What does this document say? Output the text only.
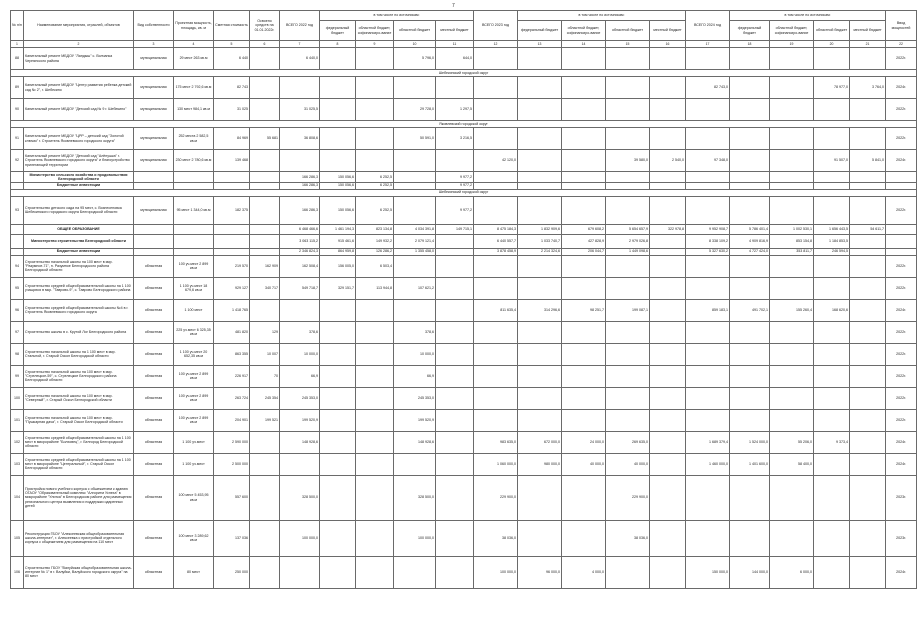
7
№ п/п	Наименование мероприятия, отраслей, объектов	Вид собственности	Проектная мощность, площадь, кв. м	Сметная стоимость	Освоено средств на 01.01.2022г.	ВСЕГО 2022 год	в том числе по источникам:				ВСЕГО 2023 год	в том числе по источникам:				ВСЕГО 2024 год	в том числе по источникам:				Ввод мощностей
							федеральный бюджет	областной бюджет, софинансиро-вание	областной бюджет	местный бюджет		федеральный бюджет	областной бюджет, софинансиро-вание	областной бюджет	местный бюджет		федеральный бюджет	областной бюджет, софинансиро-вание	областной бюджет	местный бюджет	
1	2	3	4	5	6	7	8	9	10	11	12	13	14	15	16	17	18	19	20	21	22
88	Капитальный ремонт МБДОУ "Ландыш" с. Волчанка Чернянского района	муниципальная	29 мест 263 кв.м	6 440		6 440,0			5 796,0	644,0											2022г.
Шебекинский городской округ																					
89	Капитальный ремонт МБДОУ "Центр развития ребенка детский сад № 2", г. Шебекино	муниципальная	175 мест 2 792,6 кв.м	82 743												82 743,0			78 977,0	3 764,0	2024г.
90	Капитальный ремонт МБДОУ "Детский сад № 9 г. Шебекино"	муниципальная	130 мест 984,1 кв.м	31 025		31 025,5			29 728,0	1 297,5											2022г.
Яковлевский городской округ																					
91	Капитальный ремонт МБДОУ "ЦРР – детский сад "Золотой ключик" г. Строитель Яковлевского городского округа"	муниципальная	252 места 2 582,5 кв.м	84 969	55 681	36 808,6			50 591,0	3 216,5											2022г.
92	Капитальный ремонт МБДОУ "Детский сад "Алёнушка" г. Строитель Яковлевского городского округа" и благоустройство прилегающей территории	муниципальная	230 мест 2 780,6 кв.м	139 468							42 120,0			39 580,0	2 540,0	97 348,0			91 507,0	5 841,0	2024г.
	Министерство сельского хозяйства и продовольствия Белгородской области					166 286,3	150 056,6	6 252,5		9 977,2											
	Бюджетные инвестиции					166 286,3	150 056,6	6 252,5		9 977,2											
Шебекинский городской округ																					
93	Строительство детского сада на 95 мест, с. Вознесеновка Шебекинского городского округа Белгородской области	муниципальная	95 мест 1 344,0 кв.м	182 375		166 286,3	150 056,6	6 252,5		9 977,2											2022г.
	ОБЩЕЕ ОБРАЗОВАНИЕ					6 468 466,6	1 461 194,3	823 134,8	4 034 391,8	149 715,1	8 475 184,3	1 832 909,6	679 608,2	5 654 657,9	322 978,8	9 952 908,7	5 786 401,4	1 002 530,1	1 656 443,5	54 611,7	
	Министерство строительства Белгородской области					3 063 115,2	915 461,6	149 932,2	2 079 121,4		6 440 557,7	1 033 740,7	427 828,9	2 979 026,8		8 338 109,2	4 909 816,9	853 154,8	1 184 853,5		
	Бюджетные инвестиции					2 346 824,3	864 959,8	126 286,2	1 355 458,0		3 878 458,9	2 214 324,6	206 044,7	1 449 098,6		5 327 630,2	4 727 424,0	353 811,7	246 594,5		
94	Строительство начальной школы на 100 мест в мкр. "Разумное-71", п. Разумное Белгородского района Белгородской области	областная	100 уч.мест 2 899 кв.м	219 570	162 909	162 508,4	156 005,0	6 503,4													2022г.
95	Строительство средней общеобразовательной школы на 1 100 учащихся в мкр. "Таврово-9", с. Таврово Белгородского района	областная	1 100 уч.мест 18 679,6 кв.м	929 127	340 717	549 718,7	329 151,7	113 944,8	107 621,2												2022г.
96	Строительство средней общеобразовательной школы №4 в г. Строитель Яковлевского городского округа	областная	1 100 мест	1 418 765							811 635,4	314 296,6	98 251,7	199 087,1		859 183,1	491 702,1	155 260,4	168 620,6		2024г.
97	Строительство школы в с. Крутой Лог Белгородского района	областная	225 уч.мест 6 325,35 кв.м	481 820	129	378,6			378,6												2022г.
98	Строительство начальной школы на 1 100 мест в мкр. Стальной, г. Старый Оскол Белгородской области	областная	1 100 уч.мест 20 652,35 кв.м	863 355	10 007	10 000,0			10 000,0												2022г.
99	Строительство начальной школы на 100 мест в мкр. "Стрелецкое-59", с. Стрелецкое Белгородского района Белгородской области	областная	100 уч.мест 2 899 кв.м	226 917	70	66,9			66,9												2022г.
100	Строительство начальной школы на 100 мест в мкр. "Северный", г. Старый Оскол Белгородской области	областная	100 уч.мест 2 899 кв.м	263 724	245 354	245 353,0			245 353,0												2022г.
101	Строительство начальной школы на 100 мест в мкр. "Пушкарная дача", г. Старый Оскол Белгородской области	областная	100 уч.мест 2 899 кв.м	204 901	199 521	199 520,9			199 520,9												2022г.
102	Строительство средней общеобразовательной школы на 1 100 мест в микрорайоне "Болховец", г. Белгород Белгородской области	областная	1 100 уч.мест	2 590 000		148 928,6			148 928,6		983 635,0	672 000,0	24 000,0	269 635,0		1 689 379,4	1 524 000,0	55 206,0	9 373,4		2024г.
103	Строительство средней общеобразовательной школы на 1 100 мест в микрорайоне "Центральный", г. Старый Оскол Белгородской области	областная	1 100 уч.мест	2 500 000							1 060 000,0	980 000,0	40 000,0	40 000,0		1 460 000,0	1 401 600,0	58 400,0			2024г.
104	Пристройка нового учебного корпуса с обшежитием к зданию ОГАОУ "Образовательный комплекс "Алгоритм Успеха" в микрорайоне "Улитка" в Белгородском районе для размещения регионального центра выявления и поддержки одаренных детей	областная	100 мест 5 453,95 кв.м	557 600		328 500,0			328 500,0		229 900,0			229 900,0							2023г.
105	Реконструкция ГБОУ "Алексеевская общеобразовательная школа-интернат", г. Алексеевка с пристройкой отдельного корпуса с общежитием для размещения на 110 мест	областная	100 мест 3 289,62 кв.м	137 036		100 000,0			100 000,0		38 036,0			38 036,0							2023г.
106	Строительство ГБОУ "Валуйская общеобразовательная школа-интернат № 1" в г. Валуйки, Валуйского городского округа" на 80 мест	областная	80 мест	250 000							100 000,0	96 000,0	4 000,0			150 000,0	144 000,0	6 000,0			2024г.
